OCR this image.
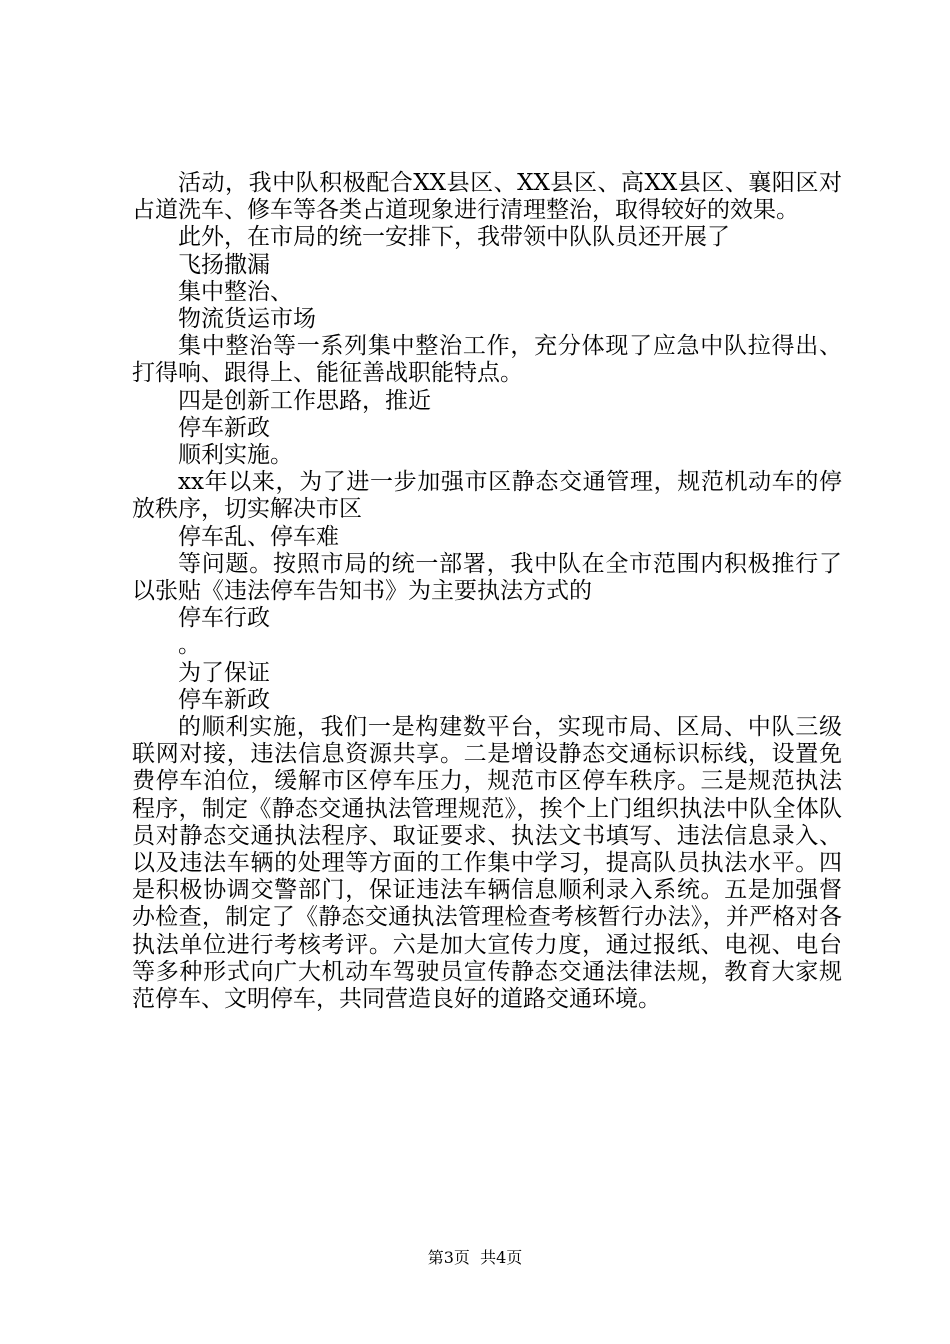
活动，我中队积极配合XX县区、XX县区、高XX县区、襄阳区对占道洗车、修车等各类占道现象进行清理整治，取得较好的效果。

此外，在市局的统一安排下，我带领中队队员还开展了

飞扬撒漏

集中整治、

物流货运市场

集中整治等一系列集中整治工作，充分体现了应急中队拉得出、打得响、跟得上、能征善战职能特点。

四是创新工作思路，推近

停车新政

顺利实施。

xx年以来，为了进一步加强市区静态交通管理，规范机动车的停放秩序，切实解决市区

停车乱、停车难

等问题。按照市局的统一部署，我中队在全市范围内积极推行了以张贴《违法停车告知书》为主要执法方式的

停车行政

。

为了保证

停车新政

的顺利实施，我们一是构建数平台，实现市局、区局、中队三级联网对接，违法信息资源共享。二是增设静态交通标识标线，设置免费停车泊位，缓解市区停车压力，规范市区停车秩序。三是规范执法程序，制定《静态交通执法管理规范》，挨个上门组织执法中队全体队员对静态交通执法程序、取证要求、执法文书填写、违法信息录入、以及违法车辆的处理等方面的工作集中学习，提高队员执法水平。四是积极协调交警部门，保证违法车辆信息顺利录入系统。五是加强督办检查，制定了《静态交通执法管理检查考核暂行办法》，并严格对各执法单位进行考核考评。六是加大宣传力度，通过报纸、电视、电台等多种形式向广大机动车驾驶员宣传静态交通法律法规，教育大家规范停车、文明停车，共同营造良好的道路交通环境。

第3页  共4页
